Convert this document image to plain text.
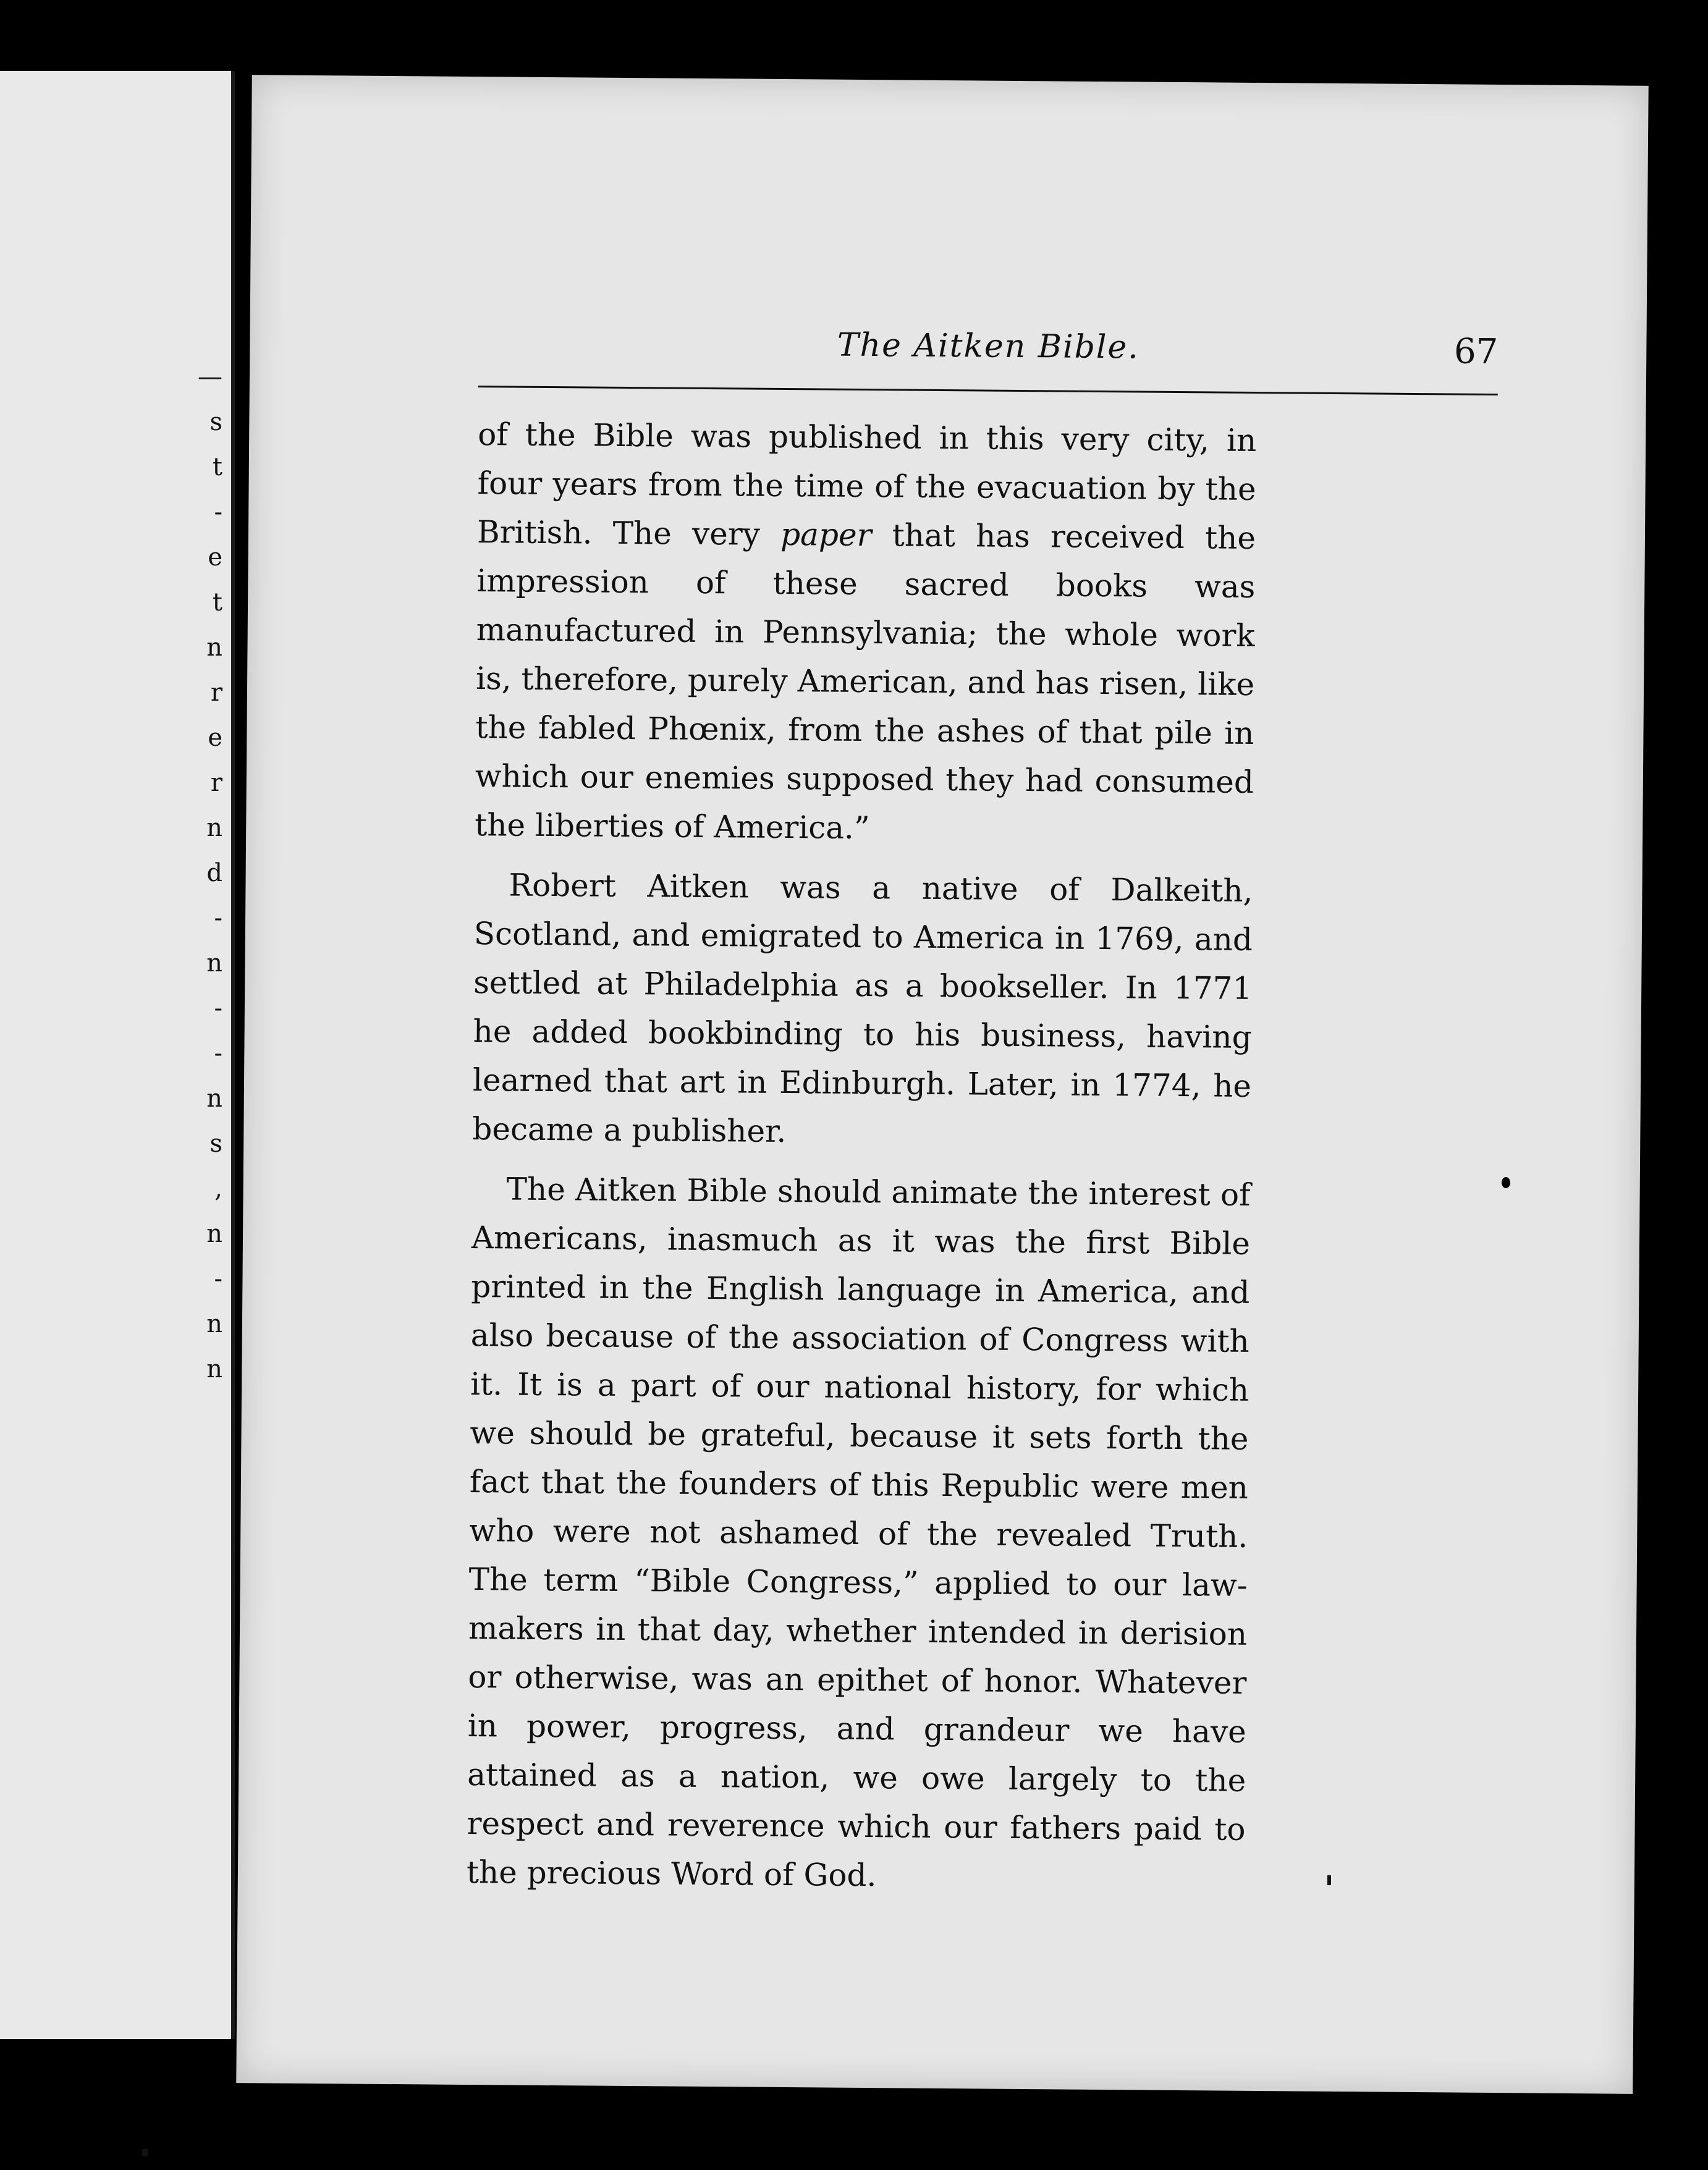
—
s
t
-
e
t
n
r
e
r
n
d
-
n
-
-
n
s
,
n
-
n
n
The Aitken Bible.	67

of the Bible was published in this very city, in four years from the time of the evacuation by the British. The very paper that has received the impression of these sacred books was manufactured in Pennsylvania; the whole work is, therefore, purely American, and has risen, like the fabled Phœnix, from the ashes of that pile in which our enemies supposed they had consumed the liberties of America.”

Robert Aitken was a native of Dalkeith, Scotland, and emigrated to America in 1769, and settled at Philadelphia as a bookseller. In 1771 he added bookbinding to his business, having learned that art in Edinburgh. Later, in 1774, he became a publisher.

The Aitken Bible should animate the interest of Americans, inasmuch as it was the first Bible printed in the English language in America, and also because of the association of Congress with it. It is a part of our national history, for which we should be grateful, because it sets forth the fact that the founders of this Republic were men who were not ashamed of the revealed Truth. The term “Bible Congress,” applied to our law-makers in that day, whether intended in derision or otherwise, was an epithet of honor. Whatever in power, progress, and grandeur we have attained as a nation, we owe largely to the respect and reverence which our fathers paid to the precious Word of God.
